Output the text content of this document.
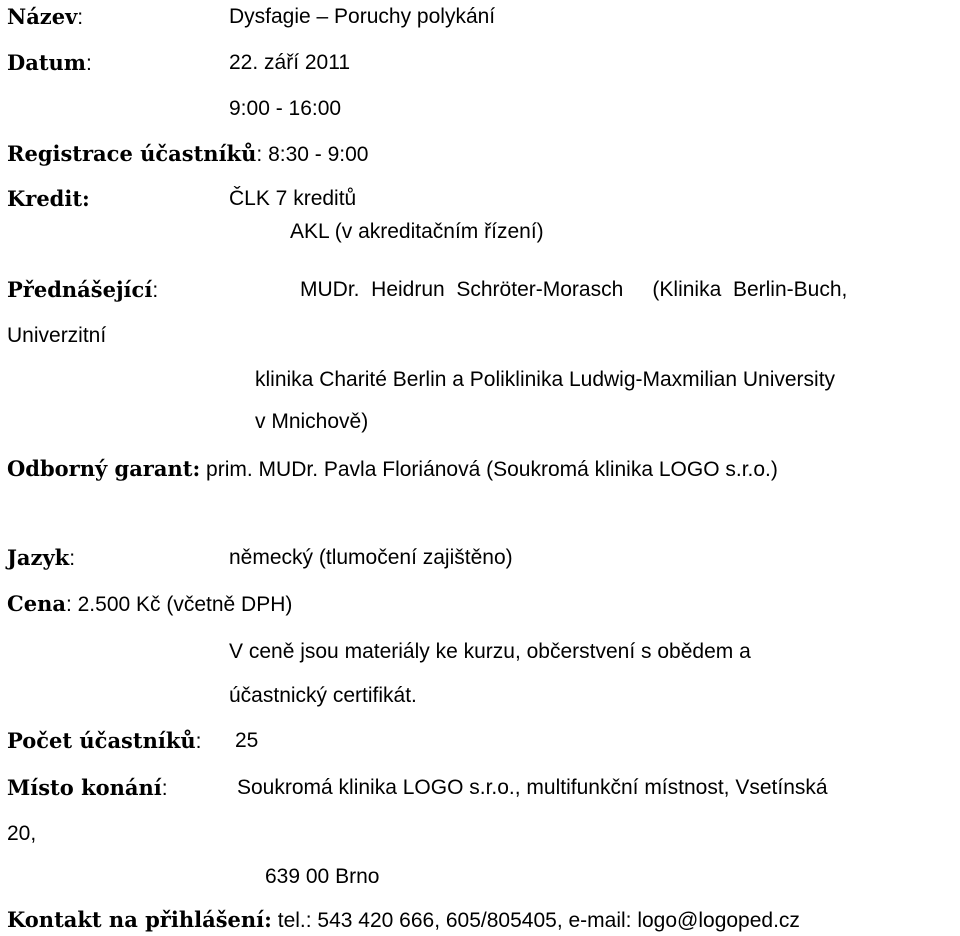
Název:	Dysfagie – Poruchy polykání
Datum:	22. září 2011
9:00 - 16:00
Registrace účastníků: 8:30 - 9:00
Kredit:	ČLK 7 kreditů
AKL (v akreditačním řízení)
Přednášející:	MUDr.  Heidrun  Schröter-Morasch     (Klinika  Berlin-Buch,
Univerzitní
klinika Charité Berlin a Poliklinika Ludwig-Maxmilian University
v Mnichově)
Odborný garant: prim. MUDr. Pavla Floriánová (Soukromá klinika LOGO s.r.o.)
Jazyk:	německý (tlumočení zajištěno)
Cena: 2.500 Kč (včetně DPH)
V ceně jsou materiály ke kurzu, občerstvení s obědem a
účastnický certifikát.
Počet účastníků: 25
Místo konání:	Soukromá klinika LOGO s.r.o., multifunkční místnost, Vsetínská
20,
639 00 Brno
Kontakt na přihlášení: tel.: 543 420 666, 605/805405, e-mail: logo@logoped.cz
